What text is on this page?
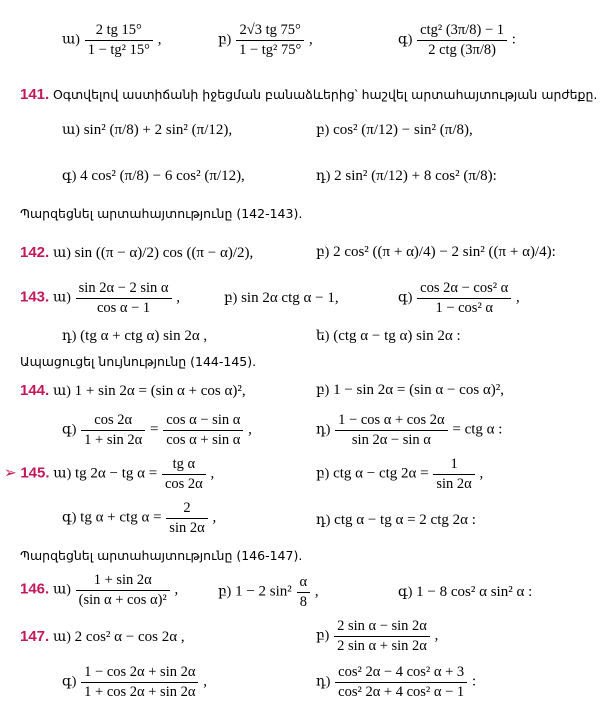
ա) $\frac{2 tg 15^\circ}{\text{1 − tg² 15°}}$ ,	բ) $\frac{2√3 tg 75^\circ}{\text{1 − tg² 75°}}$ ,	գ) $\frac{\text{ctg² (3π/8) − 1}}{\text{2 ctg (3π/8)}}$ :
141. Օգտվելով աստիճանի իջեցման բանաձևերից՝ հաշվել արտահայտության արժեքը.
ա) sin² (π/8) + 2 sin² (π/12),	բ) cos² (π/12) − sin² (π/8),
գ) 4 cos² (π/8) − 6 cos² (π/12),	դ) 2 sin² (π/12) + 8 cos² (π/8):
Պարզեցնել արտահայտությունը (142-143).
142. ա) sin ((π − α)/2) cos ((π − α)/2),	բ) 2 cos² ((π + α)/4) − 2 sin² ((π + α)/4):
143. ա) $\frac{\text{sin 2α − 2 sin α}}{\text{cos α − 1}}$ ,	բ) sin 2α ctg α − 1,	գ) $\frac{\text{cos 2α − cos² α}}{\text{1 − cos² α}}$ ,
դ) (tg α + ctg α) sin 2α ,	ե) (ctg α − tg α) sin 2α :
Ապացուցել նույնությունը (144-145).
144. ա) 1 + sin 2α = (sin α + cos α)²,	բ) 1 − sin 2α = (sin α − cos α)²,
գ) $\frac{\cos 2\alpha}{1 + \sin 2\alpha} = \frac{\text{cos α − sin α}}{\text{cos α + sin α}}$ ,	դ) $\frac{\text{1 − cos α + cos 2α}}{\text{sin 2α − sin α}}$ = ctg α :
➢ 145. ա) tg 2α − tg $\alpha = \frac{\text{tg α}}{\cos 2\alpha}$ ,	բ) ctg α − ctg $2\alpha = \frac{1}{\sin 2\alpha}$ ,
գ) tg α + ctg $\alpha = \frac{2}{\sin 2\alpha}$ ,	դ) ctg α − tg α = 2 ctg 2α :
Պարզեցնել արտահայտությունը (146-147).
146. ա) $\frac{1 + \sin 2\alpha}{\text{(sin α + cos α)²}}$ ,	բ) 1 − 2 $\sin^2 \frac{\alpha}{8}$ ,	գ) 1 − 8 cos² α sin² α :
147. ա) 2 cos² α − cos 2α ,	բ) $\frac{\text{2 sin α − sin 2α}}{\text{2 sin α + sin 2α}}$ ,
գ) $\frac{1 - \cos 2\alpha + \sin 2\alpha}{1 + \cos 2\alpha + \sin 2\alpha}$ ,	դ) $\frac{\text{cos² 2α − 4 cos² α + 3}}{\text{cos² 2α + 4 cos² α − 1}}$ :
